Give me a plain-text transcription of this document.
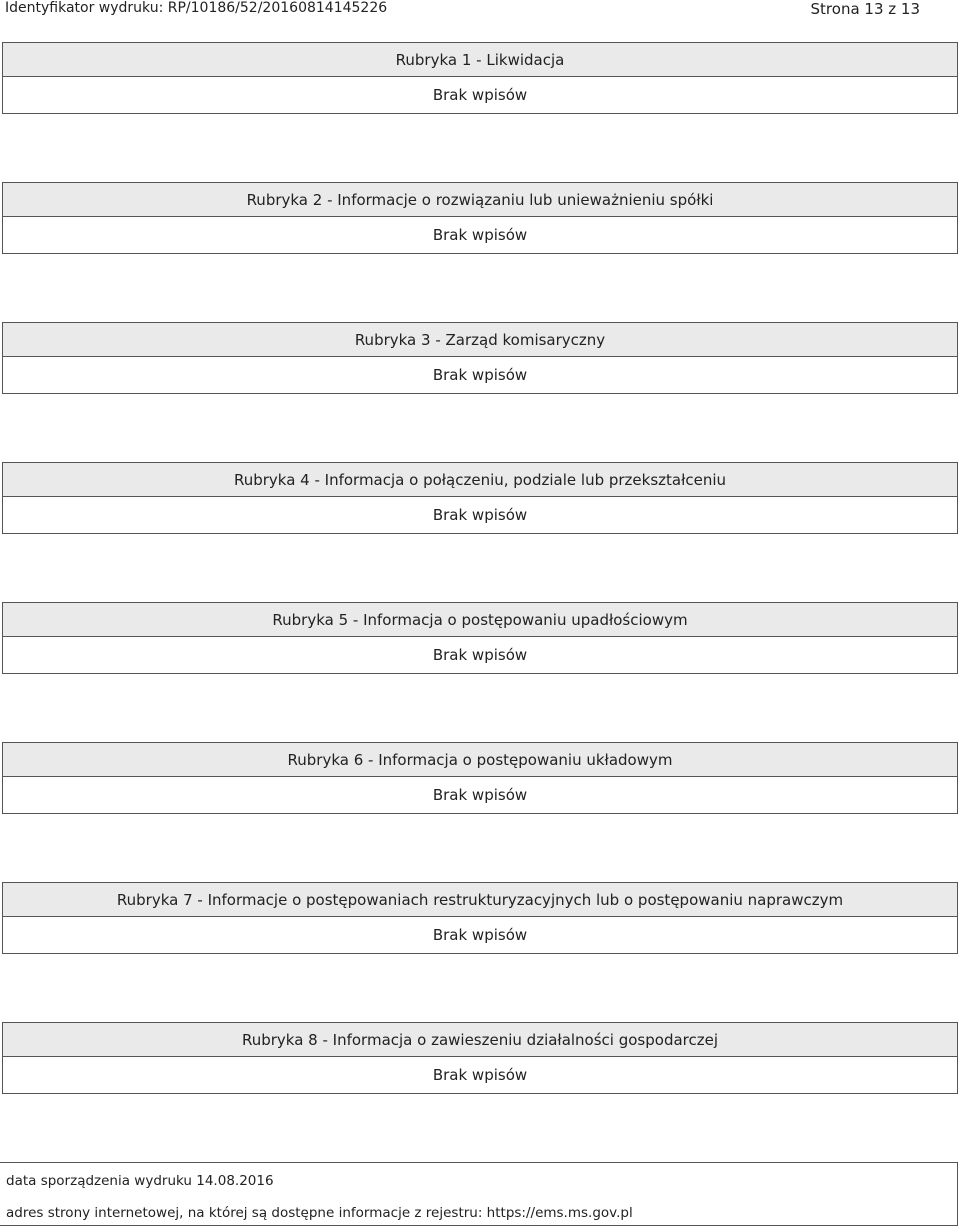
Identyfikator wydruku: RP/10186/52/20160814145226	Strona 13 z 13
Rubryka 1 - Likwidacja
Brak wpisów
Rubryka 2 - Informacje o rozwiązaniu lub unieważnieniu spółki
Brak wpisów
Rubryka 3 - Zarząd komisaryczny
Brak wpisów
Rubryka 4 - Informacja o połączeniu, podziale lub przekształceniu
Brak wpisów
Rubryka 5 - Informacja o postępowaniu upadłościowym
Brak wpisów
Rubryka 6 - Informacja o postępowaniu układowym
Brak wpisów
Rubryka 7 - Informacje o postępowaniach restrukturyzacyjnych lub o postępowaniu naprawczym
Brak wpisów
Rubryka 8 - Informacja o zawieszeniu działalności gospodarczej
Brak wpisów
data sporządzenia wydruku 14.08.2016
adres strony internetowej, na której są dostępne informacje z rejestru: https://ems.ms.gov.pl
